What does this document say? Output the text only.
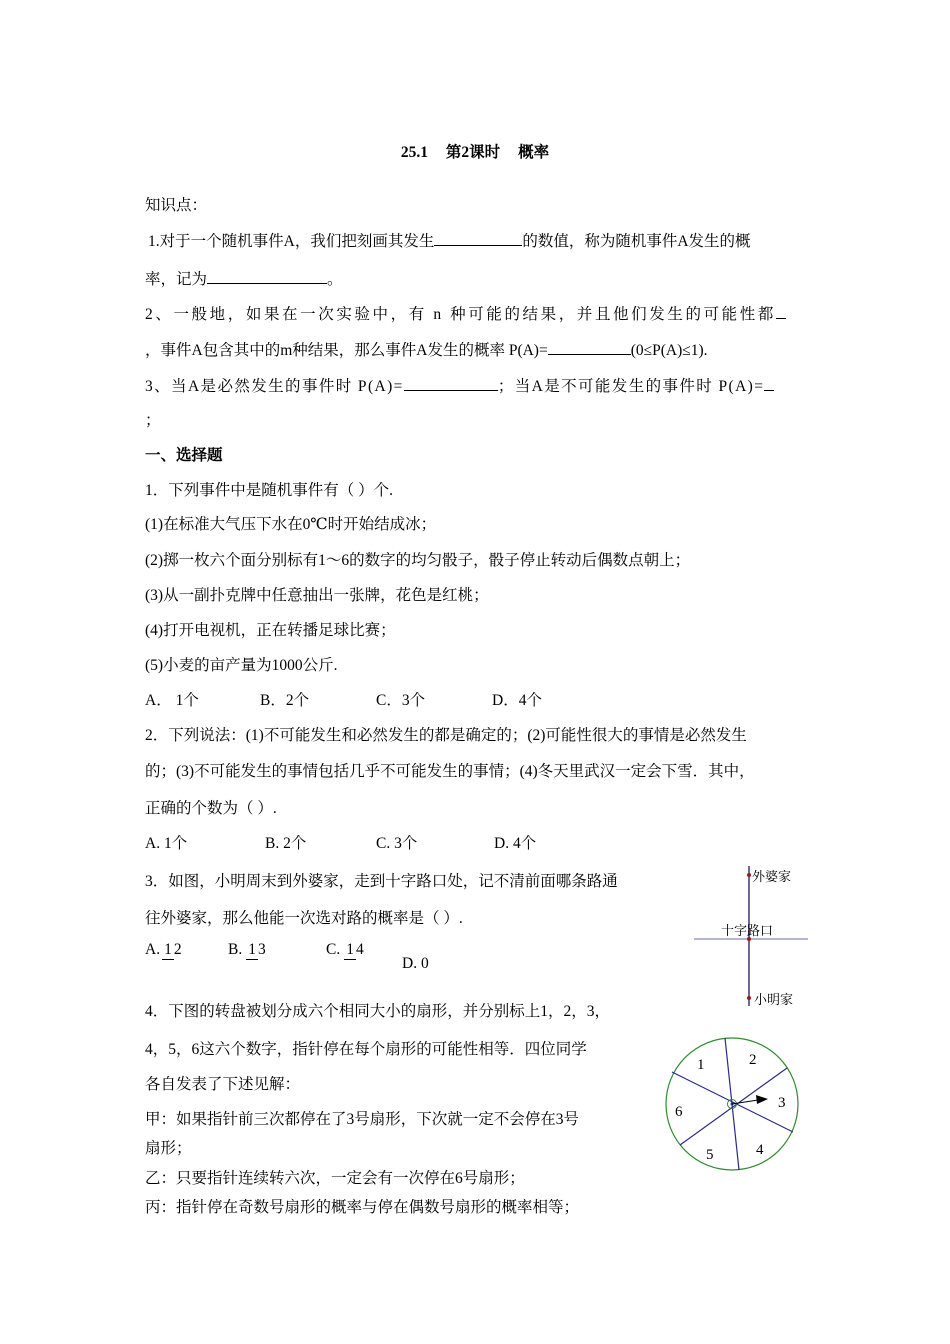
25.1 第2课时 概率
知识点：
1.对于一个随机事件A，我们把刻画其发生	的数值，称为随机事件A发生的概
率，记为	。
2、一般地，如果在一次实验中，有 n 种可能的结果，并且他们发生的可能性都
，事件A包含其中的m种结果，那么事件A发生的概率 P(A)=	(0≤P(A)≤1).
3、当A是必然发生的事件时 P(A)=	；当A是不可能发生的事件时 P(A)=
；
一、选择题
1．下列事件中是随机事件有（ ）个.
(1)在标准大气压下水在0℃时开始结成冰；
(2)掷一枚六个面分别标有1～6的数字的均匀骰子，骰子停止转动后偶数点朝上；
(3)从一副扑克牌中任意抽出一张牌，花色是红桃；
(4)打开电视机，正在转播足球比赛；
(5)小麦的亩产量为1000公斤.
A． 1个	B．2个	C．3个	D．4个
2．下列说法：(1)不可能发生和必然发生的都是确定的；(2)可能性很大的事情是必然发生
的；(3)不可能发生的事情包括几乎不可能发生的事情；(4)冬天里武汉一定会下雪．其中，
正确的个数为（ ）.
A. 1个	B. 2个	C. 3个	D. 4个
3．如图，小明周末到外婆家，走到十字路口处，记不清前面哪条路通
往外婆家，那么他能一次选对路的概率是（ ）.
A. 1 2	B. 1 3	C. 1 4
D. 0
外婆家
十字路口
小明家
4．下图的转盘被划分成六个相同大小的扇形，并分别标上1，2，3，
4，5，6这六个数字，指针停在每个扇形的可能性相等．四位同学
各自发表了下述见解：
甲：如果指针前三次都停在了3号扇形，下次就一定不会停在3号
扇形；
乙：只要指针连续转六次，一定会有一次停在6号扇形；
丙：指针停在奇数号扇形的概率与停在偶数号扇形的概率相等；
1	2
3
4
5
6
